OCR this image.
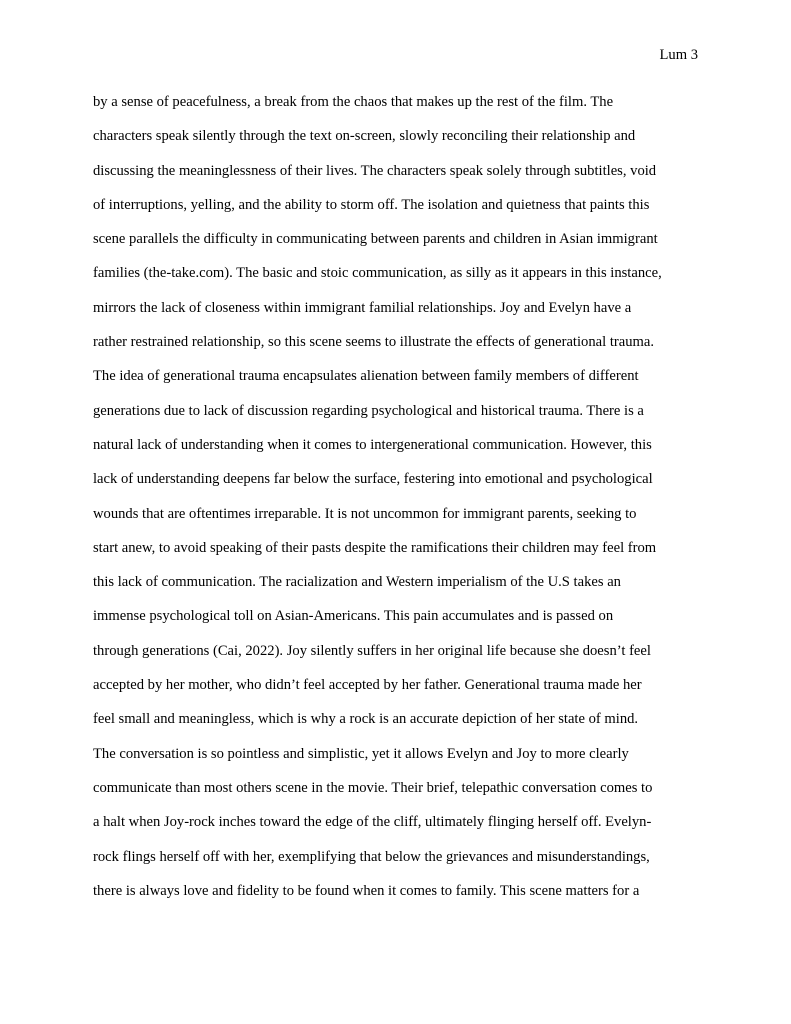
Lum 3
by a sense of peacefulness, a break from the chaos that makes up the rest of the film. The
characters speak silently through the text on-screen, slowly reconciling their relationship and
discussing the meaninglessness of their lives. The characters speak solely through subtitles, void
of interruptions, yelling, and the ability to storm off. The isolation and quietness that paints this
scene parallels the difficulty in communicating between parents and children in Asian immigrant
families (the-take.com). The basic and stoic communication, as silly as it appears in this instance,
mirrors the lack of closeness within immigrant familial relationships. Joy and Evelyn have a
rather restrained relationship, so this scene seems to illustrate the effects of generational trauma.
The idea of generational trauma encapsulates alienation between family members of different
generations due to lack of discussion regarding psychological and historical trauma. There is a
natural lack of understanding when it comes to intergenerational communication. However, this
lack of understanding deepens far below the surface, festering into emotional and psychological
wounds that are oftentimes irreparable. It is not uncommon for immigrant parents, seeking to
start anew, to avoid speaking of their pasts despite the ramifications their children may feel from
this lack of communication. The racialization and Western imperialism of the U.S takes an
immense psychological toll on Asian-Americans. This pain accumulates and is passed on
through generations (Cai, 2022). Joy silently suffers in her original life because she doesn’t feel
accepted by her mother, who didn’t feel accepted by her father. Generational trauma made her
feel small and meaningless, which is why a rock is an accurate depiction of her state of mind.
The conversation is so pointless and simplistic, yet it allows Evelyn and Joy to more clearly
communicate than most others scene in the movie. Their brief, telepathic conversation comes to
a halt when Joy-rock inches toward the edge of the cliff, ultimately flinging herself off. Evelyn-
rock flings herself off with her, exemplifying that below the grievances and misunderstandings,
there is always love and fidelity to be found when it comes to family. This scene matters for a
